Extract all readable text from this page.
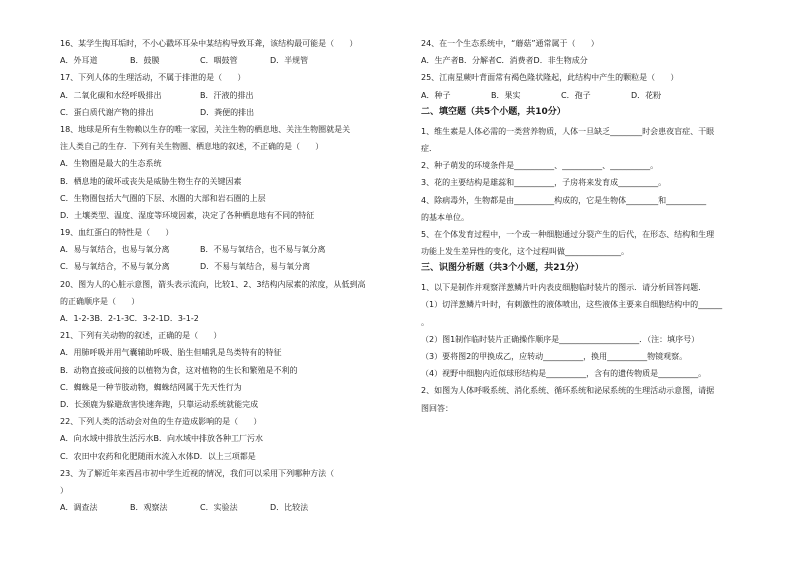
16、某学生掏耳垢时，不小心戳坏耳朵中某结构导致耳聋，该结构最可能是（      ）

A．外耳道

	B．鼓膜

	C．咽鼓管

	D．半规管

17、下列人体的生理活动，不属于排泄的是（      ）

A．二氧化碳和水经呼吸排出

	B．汗液的排出

C．蛋白质代谢产物的排出

	D．粪便的排出

18、地球是所有生物赖以生存的唯一家园，关注生物的栖息地、关注生物圈就是关
注人类自己的生存．下列有关生物圈、栖息地的叙述，不正确的是（      ）
A．生物圈是最大的生态系统
B．栖息地的破坏或丧失是威胁生物生存的关键因素
C．生物圈包括大气圈的下层、水圈的大部和岩石圈的上层
D．土壤类型、温度、湿度等环境因素，决定了各种栖息地有不同的特征
19、血红蛋白的特性是（      ）

A．易与氧结合，也易与氧分离

	B．不易与氧结合，也不易与氧分离

C．易与氧结合，不易与氧分离

	D．不易与氧结合，易与氧分离

20、图为人的心脏示意图，箭头表示流向，比较1、2、3结构内尿素的浓度，从低到高
的正确顺序是（      ）
A．1-2-3B．2-1-3C．3-2-1D．3-1-2
21、下列有关动物的叙述，正确的是（      ）
A．用肺呼吸并用气囊辅助呼吸、胎生但哺乳是鸟类特有的特征
B．动物直接或间接的以植物为食，这对植物的生长和繁殖是不利的
C．蜘蛛是一种节肢动物，蜘蛛结网属于先天性行为
D．长颈鹿为躲避敌害快速奔跑，只靠运动系统就能完成
22、下列人类的活动会对鱼的生存造成影响的是（      ）
A．向水域中排放生活污水B．向水域中排放各种工厂污水
C．农田中农药和化肥随雨水流入水体D．以上三项都是
23、为了解近年来西昌市初中学生近视的情况，我们可以采用下列哪种方法（
）

A．调查法

	B．观察法

	C．实验法

	D．比较法

24、在一个生态系统中，“蘑菇”通常属于（      ）
A．生产者B．分解者C．消费者D．非生物成分
25、江南星蕨叶背面常有褐色隆状隆起，此结构中产生的颗粒是（      ）

A．种子

	B．果实

	C．孢子

	D．花粉

二、填空题（共5个小题，共10分）
1、维生素是人体必需的一类营养物质，人体一旦缺乏________时会患夜盲症、干眼
症．
2、种子萌发的环境条件是__________、__________、__________。
3、花的主要结构是雄蕊和__________，子房将来发育成__________。
4、除病毒外，生物都是由__________构成的，它是生物体________和__________
的基本单位。
5、在个体发育过程中，一个或一种细胞通过分裂产生的后代，在形态、结构和生理
功能上发生差异性的变化，这个过程叫做______________。
三、识图分析题（共3个小题，共21分）
1、以下是制作并观察洋葱鳞片叶内表皮细胞临时装片的图示．请分析回答问题．
（1）切洋葱鳞片叶时，有刺激性的液体喷出，这些液体主要来自细胞结构中的______
。
（2）图1制作临时装片正确操作顺序是____________________．（注：填序号）
（3）要将图2的甲换成乙，应转动__________，换用__________物镜观察。
（4）视野中细胞内近似球形结构是__________，含有的遗传物质是__________。
2、如图为人体呼吸系统、消化系统、循环系统和泌尿系统的生理活动示意图，请据
图回答：
